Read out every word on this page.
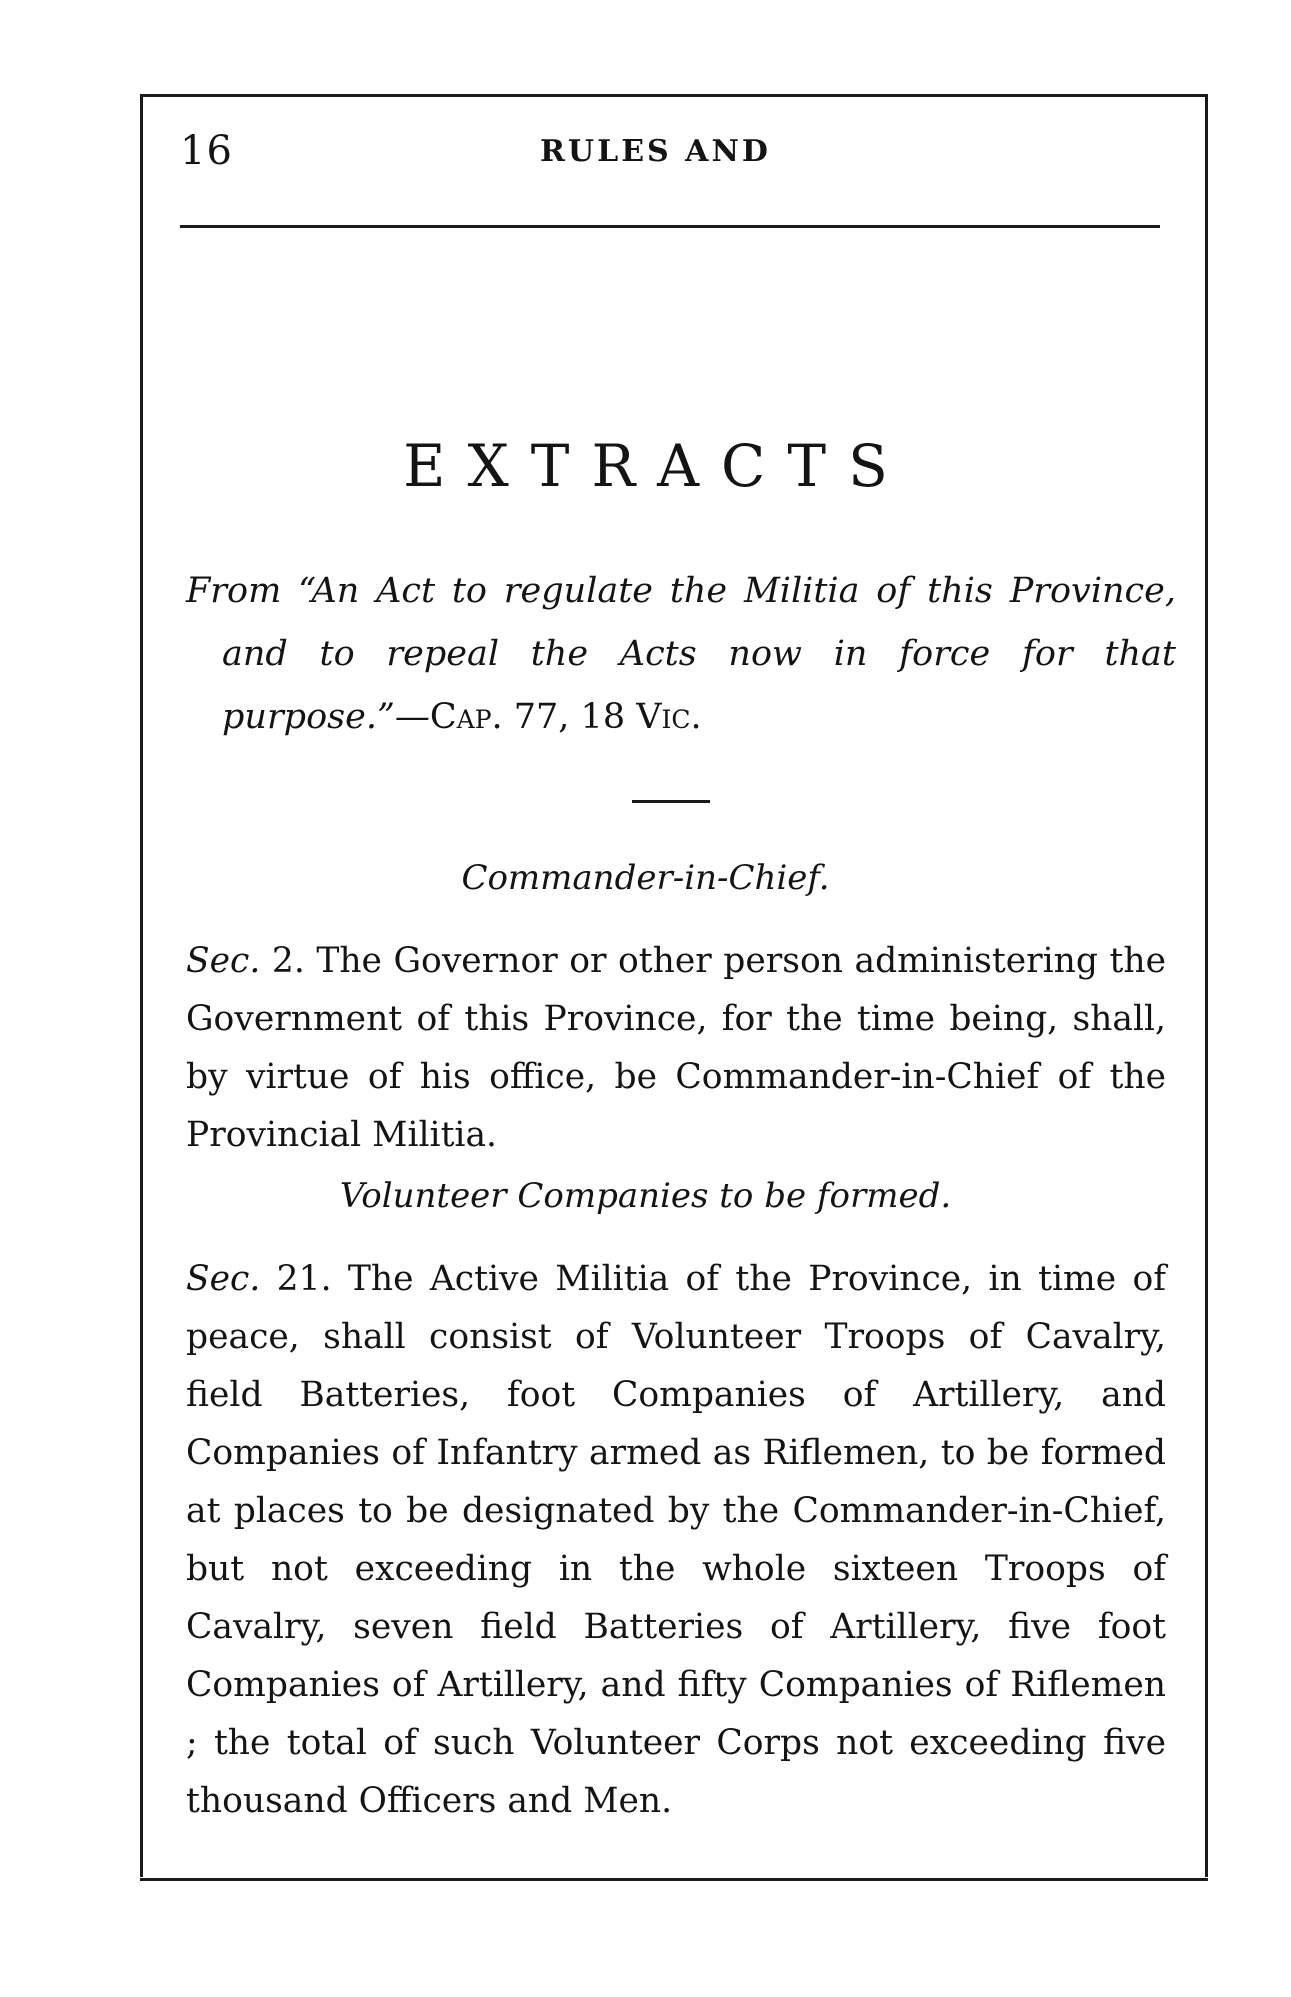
16	RULES AND
EXTRACTS
From “An Act to regulate the Militia of this Province, and to repeal the Acts now in force for that purpose.”—Cap. 77, 18 Vic.
Commander-in-Chief.
Sec. 2. The Governor or other person administering the Government of this Province, for the time being, shall, by virtue of his office, be Commander-in-Chief of the Provincial Militia.
Volunteer Companies to be formed.
Sec. 21. The Active Militia of the Province, in time of peace, shall consist of Volunteer Troops of Cavalry, field Batteries, foot Companies of Artillery, and Companies of Infantry armed as Riflemen, to be formed at places to be designated by the Commander-in-Chief, but not exceeding in the whole sixteen Troops of Cavalry, seven field Batteries of Artillery, five foot Companies of Artillery, and fifty Companies of Riflemen ; the total of such Volunteer Corps not exceeding five thousand Officers and Men.
